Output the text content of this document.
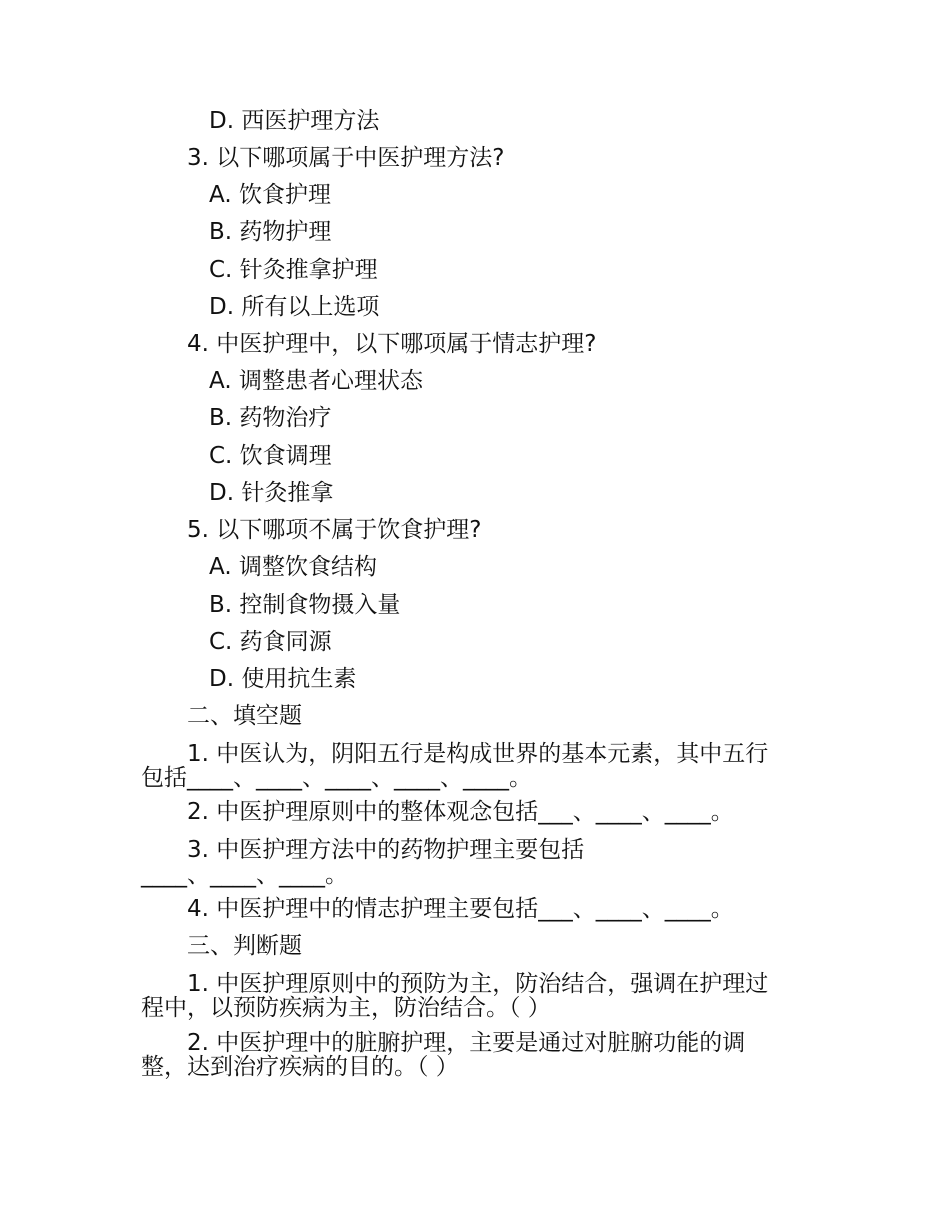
D. 西医护理方法
3. 以下哪项属于中医护理方法?
A. 饮食护理
B. 药物护理
C. 针灸推拿护理
D. 所有以上选项
4. 中医护理中，以下哪项属于情志护理?
A. 调整患者心理状态
B. 药物治疗
C. 饮食调理
D. 针灸推拿
5. 以下哪项不属于饮食护理?
A. 调整饮食结构
B. 控制食物摄入量
C. 药食同源
D. 使用抗生素
二、填空题
1. 中医认为，阴阳五行是构成世界的基本元素，其中五行
包括____、____、____、____、____。
2. 中医护理原则中的整体观念包括___、____、____。
3. 中医护理方法中的药物护理主要包括
____、____、____。
4. 中医护理中的情志护理主要包括___、____、____。
三、判断题
1. 中医护理原则中的预防为主，防治结合，强调在护理过
程中，以预防疾病为主，防治结合。（ ）
2. 中医护理中的脏腑护理，主要是通过对脏腑功能的调
整，达到治疗疾病的目的。（ ）
